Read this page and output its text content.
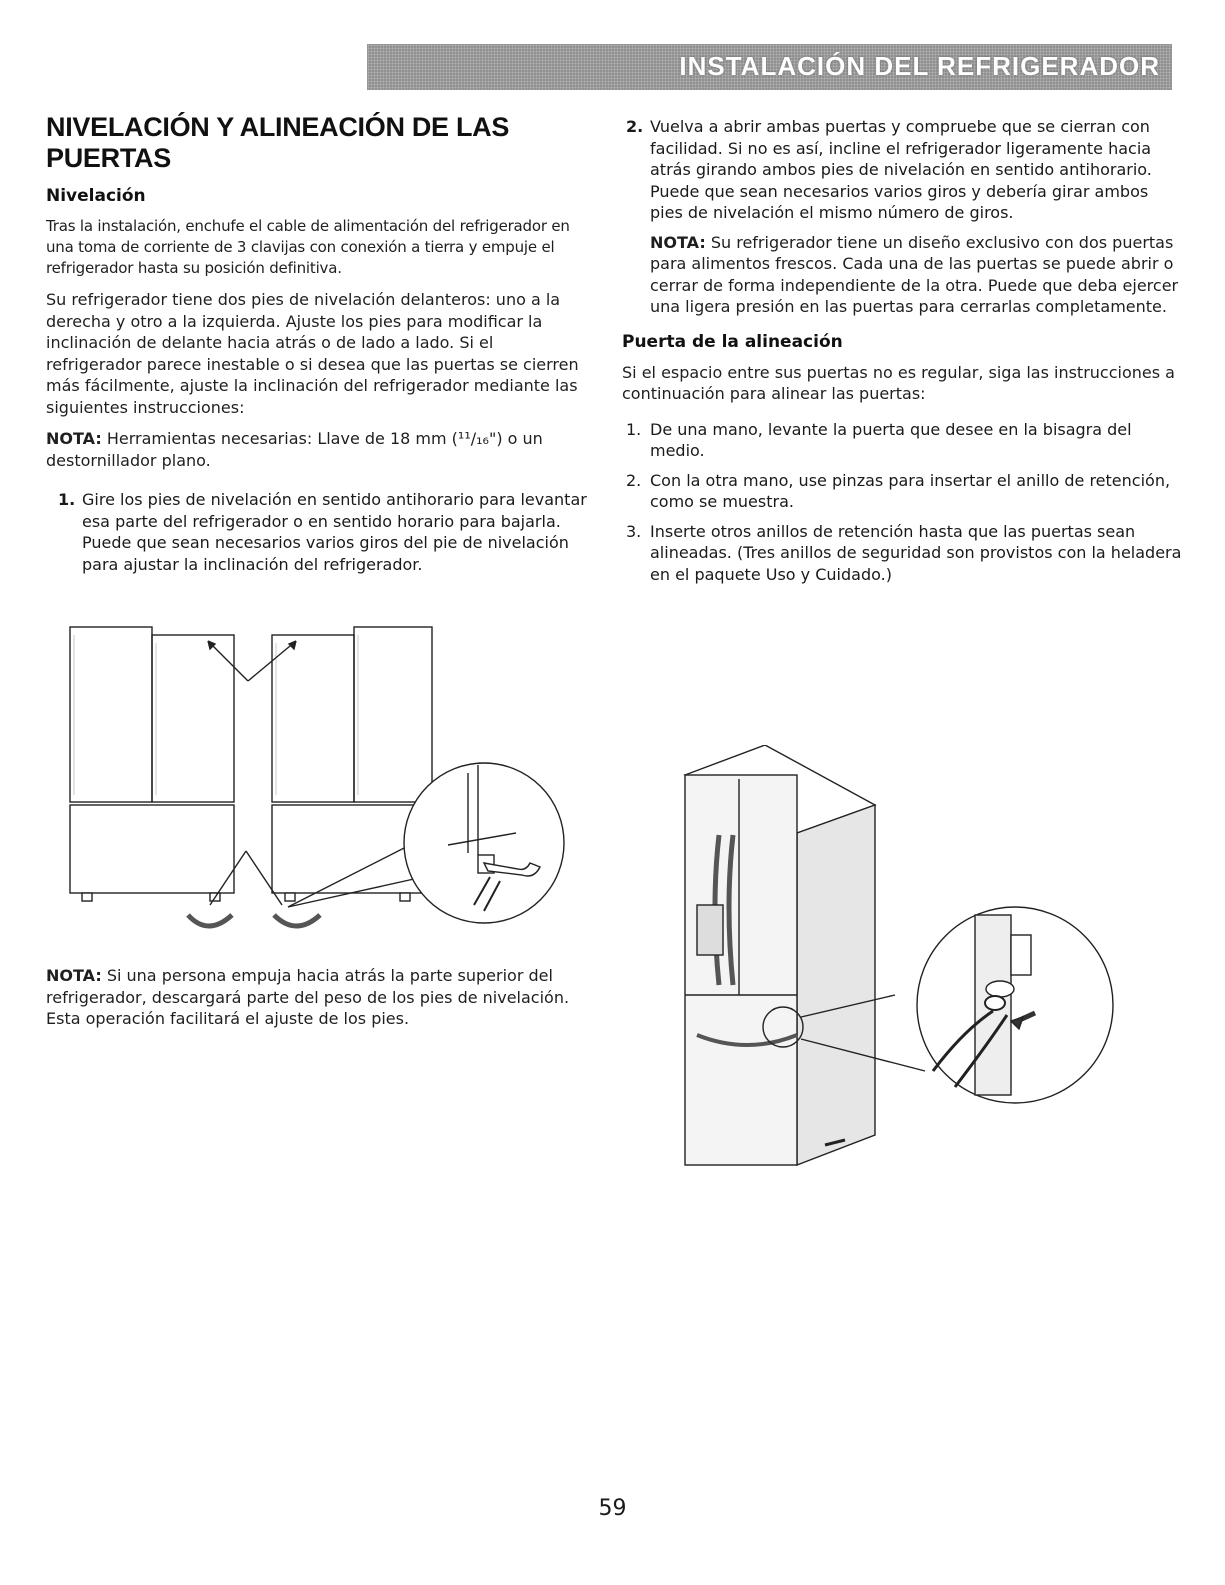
INSTALACIÓN DEL REFRIGERADOR
NIVELACIÓN Y ALINEACIÓN DE LAS PUERTAS
Nivelación

Tras la instalación, enchufe el cable de alimentación del refrigerador en una toma de corriente de 3 clavijas con conexión a tierra y empuje el refrigerador hasta su posición definitiva.

Su refrigerador tiene dos pies de nivelación delanteros: uno a la derecha y otro a la izquierda. Ajuste los pies para modificar la inclinación de delante hacia atrás o de lado a lado. Si el refrigerador parece inestable o si desea que las puertas se cierren más fácilmente, ajuste la inclinación del refrigerador mediante las siguientes instrucciones:

NOTA: Herramientas necesarias: Llave de 18 mm (¹¹/₁₆") o un destornillador plano.

1. Gire los pies de nivelación en sentido antihorario para levantar esa parte del refrigerador o en sentido horario para bajarla. Puede que sean necesarios varios giros del pie de nivelación para ajustar la inclinación del refrigerador.

NOTA: Si una persona empuja hacia atrás la parte superior del refrigerador, descargará parte del peso de los pies de nivelación. Esta operación facilitará el ajuste de los pies.

2. Vuelva a abrir ambas puertas y compruebe que se cierran con facilidad. Si no es así, incline el refrigerador ligeramente hacia atrás girando ambos pies de nivelación en sentido antihorario. Puede que sean necesarios varios giros y debería girar ambos pies de nivelación el mismo número de giros.

NOTA: Su refrigerador tiene un diseño exclusivo con dos puertas para alimentos frescos. Cada una de las puertas se puede abrir o cerrar de forma independiente de la otra. Puede que deba ejercer una ligera presión en las puertas para cerrarlas completamente.

Puerta de la alineación

Si el espacio entre sus puertas no es regular, siga las instrucciones a continuación para alinear las puertas:

1. De una mano, levante la puerta que desee en la bisagra del medio.
2. Con la otra mano, use pinzas para insertar el anillo de retención, como se muestra.
3. Inserte otros anillos de retención hasta que las puertas sean alineadas. (Tres anillos de seguridad son provistos con la heladera en el paquete Uso y Cuidado.)
59
